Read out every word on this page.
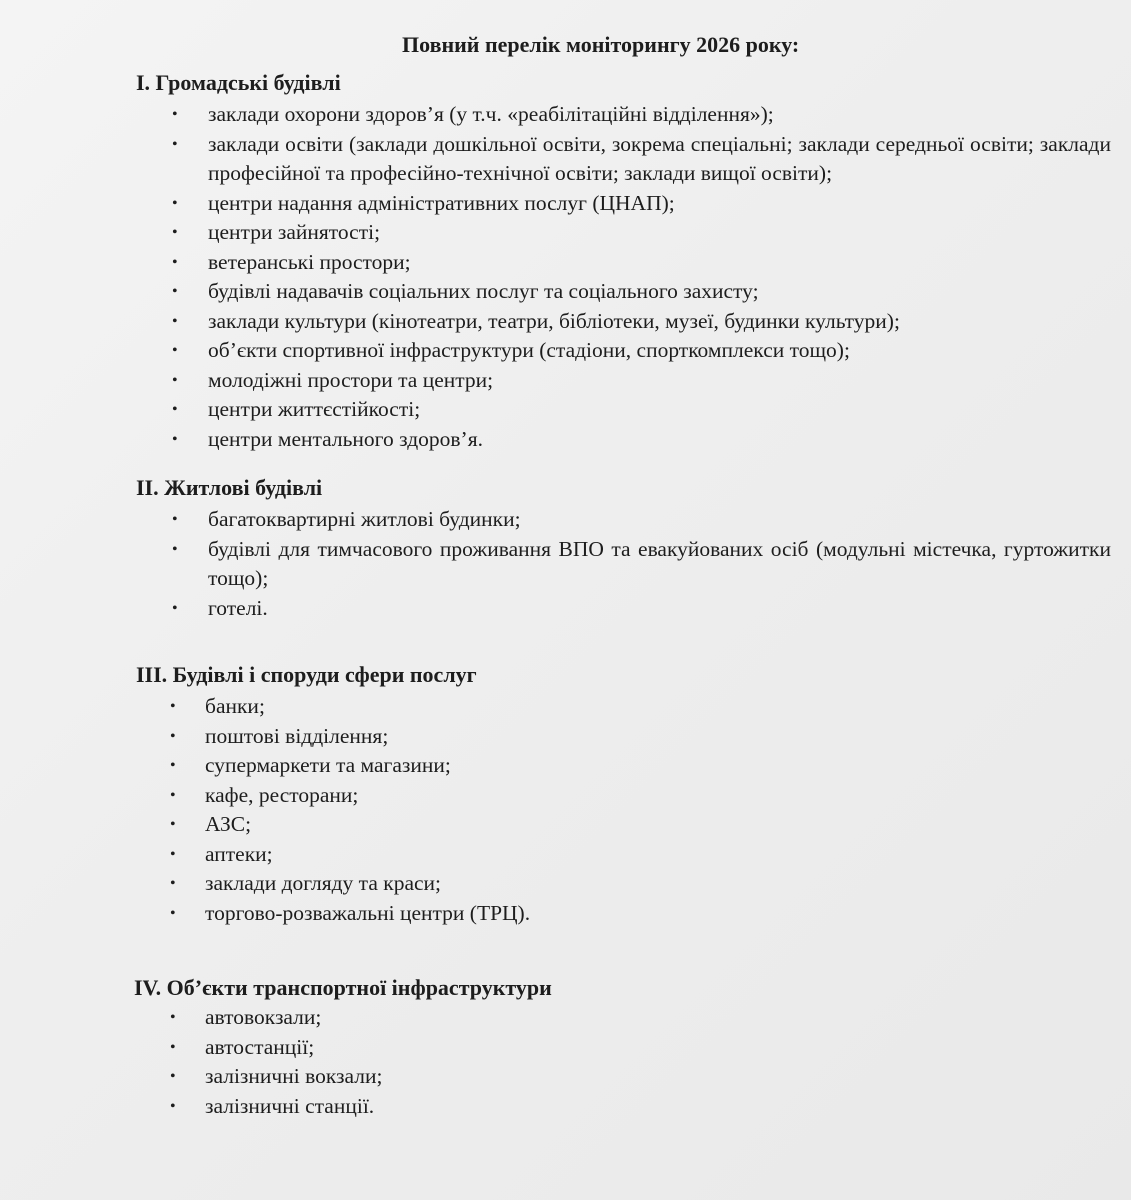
Повний перелік моніторингу 2026 року:
І. Громадські будівлі
• заклади охорони здоров’я (у т.ч. «реабілітаційні відділення»);
• заклади освіти (заклади дошкільної освіти, зокрема спеціальні; заклади середньої освіти; заклади професійної та професійно-технічної освіти; заклади вищої освіти);
• центри надання адміністративних послуг (ЦНАП);
• центри зайнятості;
• ветеранські простори;
• будівлі надавачів соціальних послуг та соціального захисту;
• заклади культури (кінотеатри, театри, бібліотеки, музеї, будинки культури);
• об’єкти спортивної інфраструктури (стадіони, спорткомплекси тощо);
• молодіжні простори та центри;
• центри життєстійкості;
• центри ментального здоров’я.
ІІ. Житлові будівлі
• багатоквартирні житлові будинки;
• будівлі для тимчасового проживання ВПО та евакуйованих осіб (модульні містечка, гуртожитки тощо);
• готелі.
ІІІ. Будівлі і споруди сфери послуг
• банки;
• поштові відділення;
• супермаркети та магазини;
• кафе, ресторани;
• АЗС;
• аптеки;
• заклади догляду та краси;
• торгово-розважальні центри (ТРЦ).
IV. Об’єкти транспортної інфраструктури
• автовокзали;
• автостанції;
• залізничні вокзали;
• залізничні станції.
